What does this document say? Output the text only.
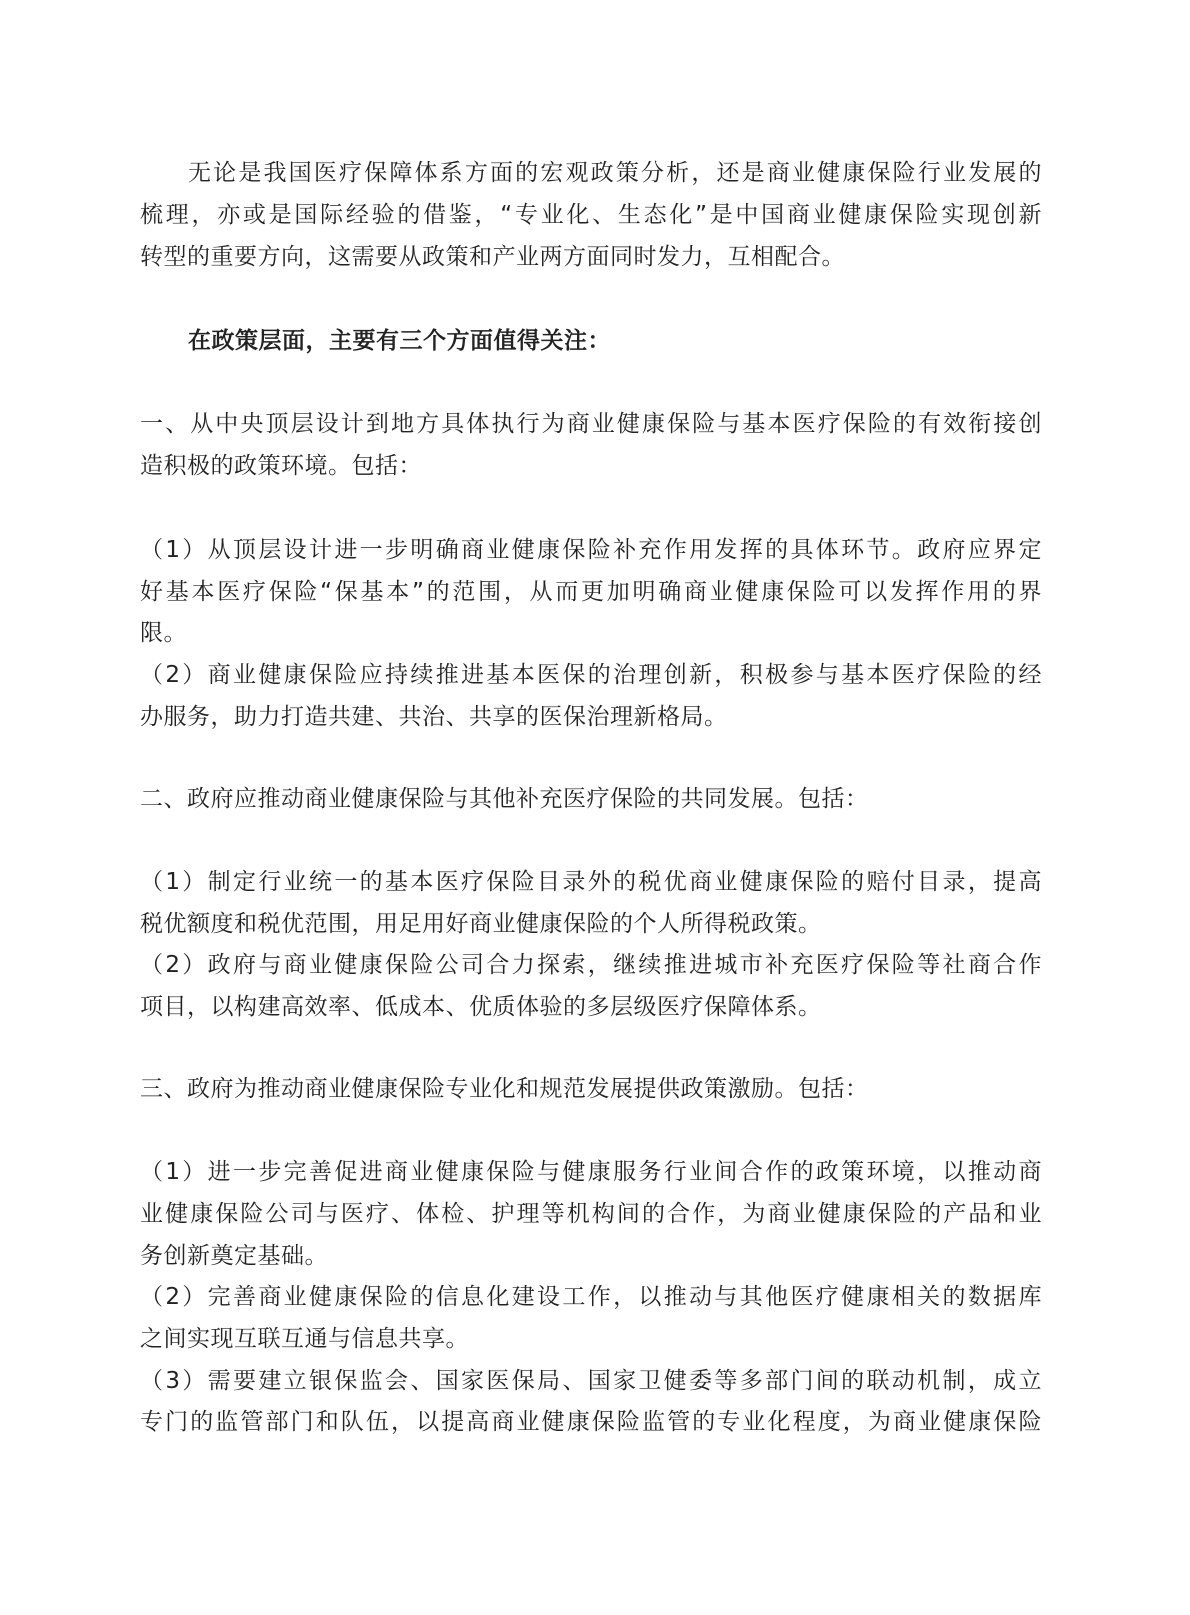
无论是我国医疗保障体系方面的宏观政策分析，还是商业健康保险行业发展的
梳理，亦或是国际经验的借鉴，“专业化、生态化”是中国商业健康保险实现创新
转型的重要方向，这需要从政策和产业两方面同时发力，互相配合。
在政策层面，主要有三个方面值得关注：
一、从中央顶层设计到地方具体执行为商业健康保险与基本医疗保险的有效衔接创
造积极的政策环境。包括：
（1）从顶层设计进一步明确商业健康保险补充作用发挥的具体环节。政府应界定
好基本医疗保险“保基本”的范围，从而更加明确商业健康保险可以发挥作用的界
限。
（2）商业健康保险应持续推进基本医保的治理创新，积极参与基本医疗保险的经
办服务，助力打造共建、共治、共享的医保治理新格局。
二、政府应推动商业健康保险与其他补充医疗保险的共同发展。包括：
（1）制定行业统一的基本医疗保险目录外的税优商业健康保险的赔付目录，提高
税优额度和税优范围，用足用好商业健康保险的个人所得税政策。
（2）政府与商业健康保险公司合力探索，继续推进城市补充医疗保险等社商合作
项目，以构建高效率、低成本、优质体验的多层级医疗保障体系。
三、政府为推动商业健康保险专业化和规范发展提供政策激励。包括：
（1）进一步完善促进商业健康保险与健康服务行业间合作的政策环境，以推动商
业健康保险公司与医疗、体检、护理等机构间的合作，为商业健康保险的产品和业
务创新奠定基础。
（2）完善商业健康保险的信息化建设工作，以推动与其他医疗健康相关的数据库
之间实现互联互通与信息共享。
（3）需要建立银保监会、国家医保局、国家卫健委等多部门间的联动机制，成立
专门的监管部门和队伍，以提高商业健康保险监管的专业化程度，为商业健康保险
